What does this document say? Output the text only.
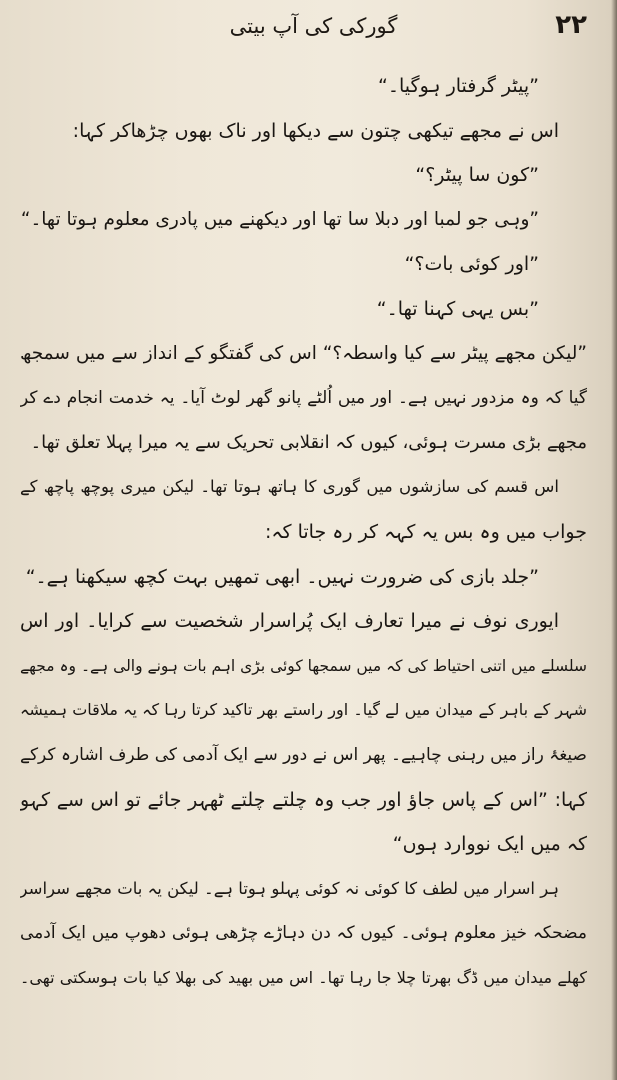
۲۲
گورکی کی آپ بیتی
”پیٹر گرفتار ہوگیا۔“
اس نے مجھے تیکھی چتون سے دیکھا اور ناک بھوں چڑھاکر کہا:
”کون سا پیٹر؟“
”وہی جو لمبا اور دبلا سا تھا اور دیکھنے میں پادری معلوم ہوتا تھا۔“
”اور کوئی بات؟“
”بس یہی کہنا تھا۔“
”لیکن مجھے پیٹر سے کیا واسطہ؟“ اس کی گفتگو کے انداز سے میں سمجھ
گیا کہ وہ مزدور نہیں ہے۔ اور میں اُلٹے پانو گھر لوٹ آیا۔ یہ خدمت انجام دے کر
مجھے بڑی مسرت ہوئی، کیوں کہ انقلابی تحریک سے یہ میرا پہلا تعلق تھا۔
اس قسم کی سازشوں میں گوری کا ہاتھ ہوتا تھا۔ لیکن میری پوچھ پاچھ کے
جواب میں وہ بس یہ کہہ کر رہ جاتا کہ:
”جلد بازی کی ضرورت نہیں۔ ابھی تمھیں بہت کچھ سیکھنا ہے۔“
ایوری نوف نے میرا تعارف ایک پُراسرار شخصیت سے کرایا۔ اور اس
سلسلے میں اتنی احتیاط کی کہ میں سمجھا کوئی بڑی اہم بات ہونے والی ہے۔ وہ مجھے
شہر کے باہر کے میدان میں لے گیا۔ اور راستے بھر تاکید کرتا رہا کہ یہ ملاقات ہمیشہ
صیغۂ راز میں رہنی چاہیے۔ پھر اس نے دور سے ایک آدمی کی طرف اشارہ کرکے
کہا: ”اس کے پاس جاؤ اور جب وہ چلتے چلتے ٹھہر جائے تو اس سے کہو
کہ میں ایک نووارد ہوں“
ہر اسرار میں لطف کا کوئی نہ کوئی پہلو ہوتا ہے۔ لیکن یہ بات مجھے سراسر
مضحکہ خیز معلوم ہوئی۔ کیوں کہ دن دہاڑے چڑھی ہوئی دھوپ میں ایک آدمی
کھلے میدان میں ڈگ بھرتا چلا جا رہا تھا۔ اس میں بھید کی بھلا کیا بات ہوسکتی تھی۔
